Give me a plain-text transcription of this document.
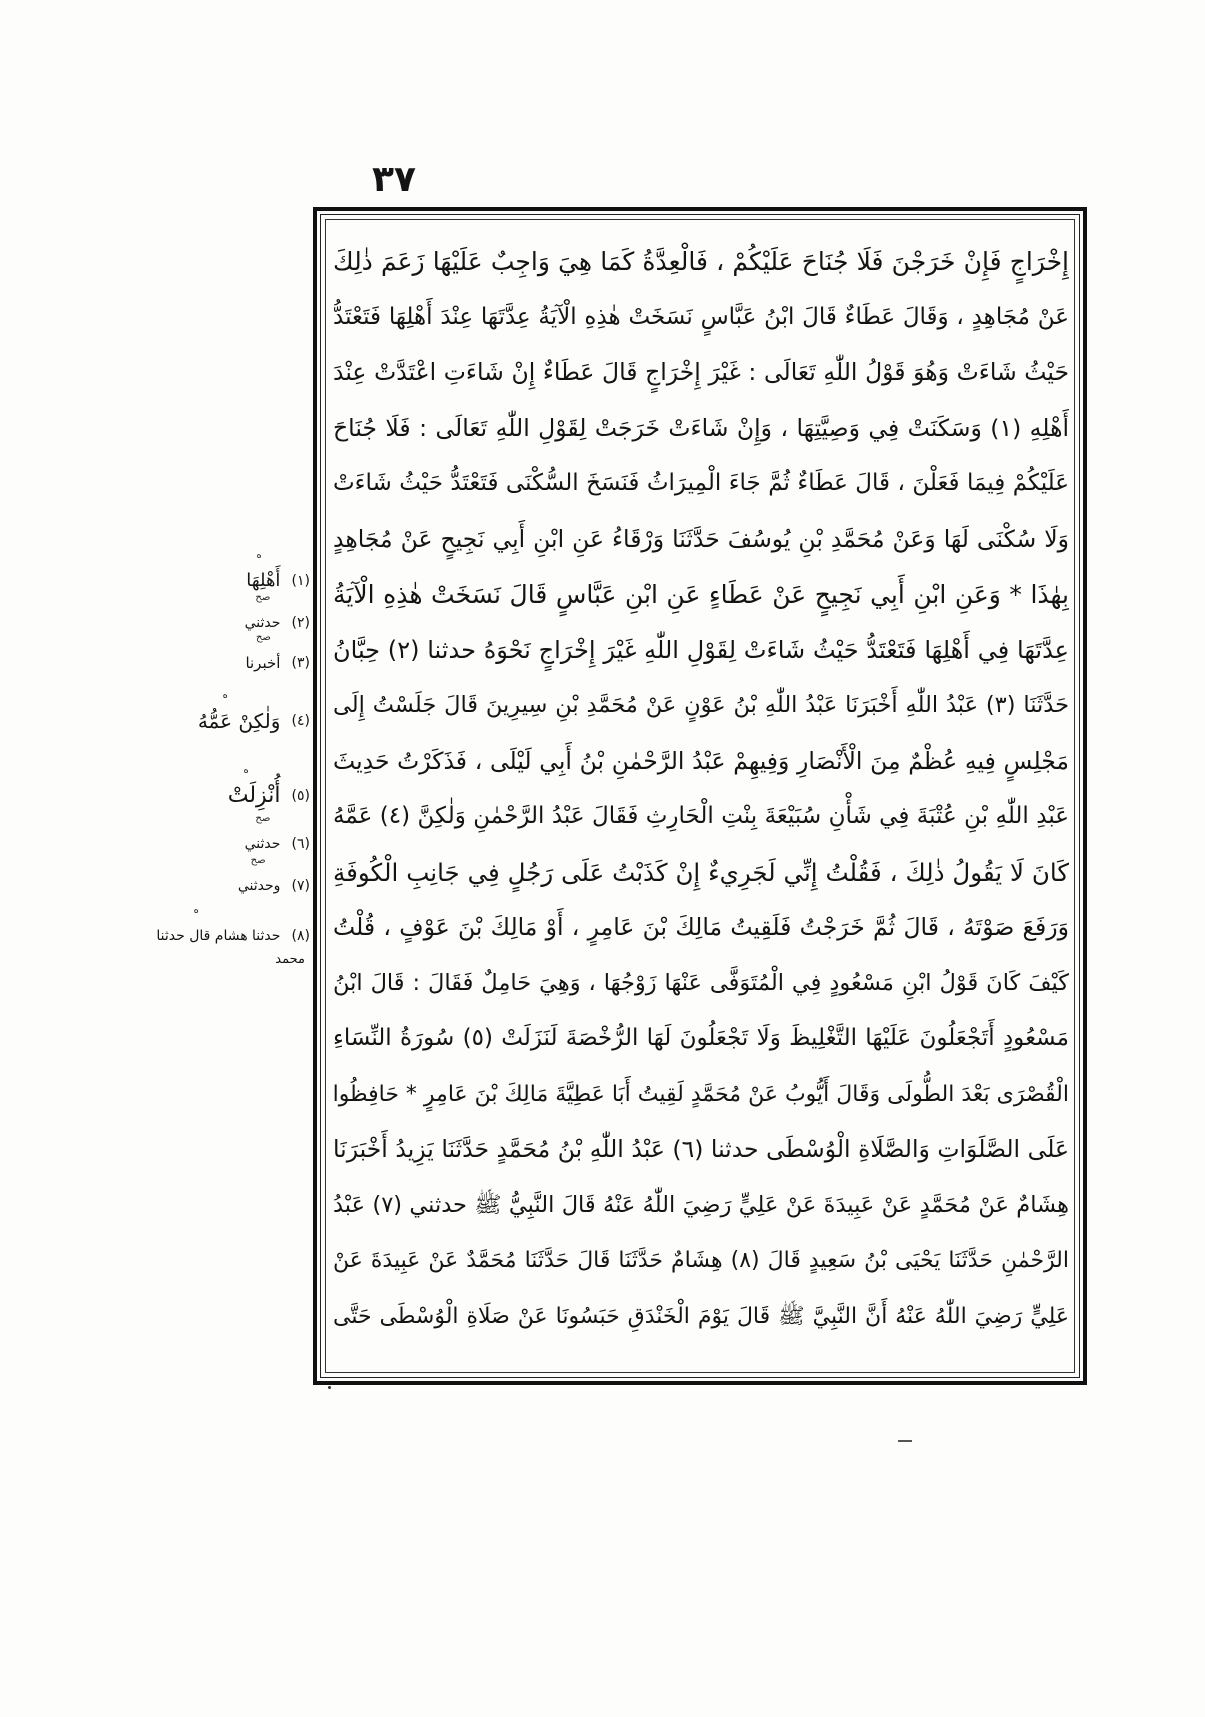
٣٧
إِخْرَاجٍ فَإِنْ خَرَجْنَ فَلَا جُنَاحَ عَلَيْكُمْ ، فَالْعِدَّةُ كَمَا هِيَ وَاجِبٌ عَلَيْهَا زَعَمَ ذٰلِكَ
عَنْ مُجَاهِدٍ ، وَقَالَ عَطَاءٌ قَالَ ابْنُ عَبَّاسٍ نَسَخَتْ هٰذِهِ الْآيَةُ عِدَّتَهَا عِنْدَ أَهْلِهَا فَتَعْتَدُّ
حَيْثُ شَاءَتْ وَهُوَ قَوْلُ اللّٰهِ تَعَالَى : غَيْرَ إِخْرَاجٍ قَالَ عَطَاءٌ إِنْ شَاءَتِ اعْتَدَّتْ عِنْدَ
أَهْلِهِ (١) وَسَكَنَتْ فِي وَصِيَّتِهَا ، وَإِنْ شَاءَتْ خَرَجَتْ لِقَوْلِ اللّٰهِ تَعَالَى : فَلَا جُنَاحَ
عَلَيْكُمْ فِيمَا فَعَلْنَ ، قَالَ عَطَاءٌ ثُمَّ جَاءَ الْمِيرَاثُ فَنَسَخَ السُّكْنَى فَتَعْتَدُّ حَيْثُ شَاءَتْ
وَلَا سُكْنَى لَهَا وَعَنْ مُحَمَّدِ بْنِ يُوسُفَ حَدَّثَنَا وَرْقَاءُ عَنِ ابْنِ أَبِي نَجِيحٍ عَنْ مُجَاهِدٍ
بِهٰذَا * وَعَنِ ابْنِ أَبِي نَجِيحٍ عَنْ عَطَاءٍ عَنِ ابْنِ عَبَّاسٍ قَالَ نَسَخَتْ هٰذِهِ الْآيَةُ
عِدَّتَهَا فِي أَهْلِهَا فَتَعْتَدُّ حَيْثُ شَاءَتْ لِقَوْلِ اللّٰهِ غَيْرَ إِخْرَاجٍ نَحْوَهُ حدثنا (٢) حِبَّانُ
حَدَّثَنَا (٣) عَبْدُ اللّٰهِ أَخْبَرَنَا عَبْدُ اللّٰهِ بْنُ عَوْنٍ عَنْ مُحَمَّدِ بْنِ سِيرِينَ قَالَ جَلَسْتُ إِلَى
مَجْلِسٍ فِيهِ عُظْمٌ مِنَ الْأَنْصَارِ وَفِيهِمْ عَبْدُ الرَّحْمٰنِ بْنُ أَبِي لَيْلَى ، فَذَكَرْتُ حَدِيثَ
عَبْدِ اللّٰهِ بْنِ عُتْبَةَ فِي شَأْنِ سُبَيْعَةَ بِنْتِ الْحَارِثِ فَقَالَ عَبْدُ الرَّحْمٰنِ وَلٰكِنَّ (٤) عَمَّهُ
كَانَ لَا يَقُولُ ذٰلِكَ ، فَقُلْتُ إِنِّي لَجَرِيءٌ إِنْ كَذَبْتُ عَلَى رَجُلٍ فِي جَانِبِ الْكُوفَةِ
وَرَفَعَ صَوْتَهُ ، قَالَ ثُمَّ خَرَجْتُ فَلَقِيتُ مَالِكَ بْنَ عَامِرٍ ، أَوْ مَالِكَ بْنَ عَوْفٍ ، قُلْتُ
كَيْفَ كَانَ قَوْلُ ابْنِ مَسْعُودٍ فِي الْمُتَوَفَّى عَنْهَا زَوْجُهَا ، وَهِيَ حَامِلٌ فَقَالَ : قَالَ ابْنُ
مَسْعُودٍ أَتَجْعَلُونَ عَلَيْهَا التَّغْلِيظَ وَلَا تَجْعَلُونَ لَهَا الرُّخْصَةَ لَنَزَلَتْ (٥) سُورَةُ النِّسَاءِ
الْقُصْرَى بَعْدَ الطُّولَى وَقَالَ أَيُّوبُ عَنْ مُحَمَّدٍ لَقِيتُ أَبَا عَطِيَّةَ مَالِكَ بْنَ عَامِرٍ * حَافِظُوا
عَلَى الصَّلَوَاتِ وَالصَّلَاةِ الْوُسْطَى حدثنا (٦) عَبْدُ اللّٰهِ بْنُ مُحَمَّدٍ حَدَّثَنَا يَزِيدُ أَخْبَرَنَا
هِشَامٌ عَنْ مُحَمَّدٍ عَنْ عَبِيدَةَ عَنْ عَلِيٍّ رَضِيَ اللّٰهُ عَنْهُ قَالَ النَّبِيُّ ﷺ حدثني (٧) عَبْدُ
الرَّحْمٰنِ حَدَّثَنَا يَحْيَى بْنُ سَعِيدٍ قَالَ (٨) هِشَامٌ حَدَّثَنَا قَالَ حَدَّثَنَا مُحَمَّدٌ عَنْ عَبِيدَةَ عَنْ
عَلِيٍّ رَضِيَ اللّٰهُ عَنْهُ أَنَّ النَّبِيَّ ﷺ قَالَ يَوْمَ الْخَنْدَقِ حَبَسُونَا عَنْ صَلَاةِ الْوُسْطَى حَتَّى
(١)
ه
أَهْلِهَا
(٢)
صح
حدثني
(٣)
صح
أخبرنا
(٤)
ه
وَلٰكِنْ عَمُّهُ
(٥)
ه
أُنْزِلَتْ
(٦)
صح
حدثني
(٧)
صح
وحدثني
(٨)
ه
حدثنا هشام قال حدثنا
محمد
